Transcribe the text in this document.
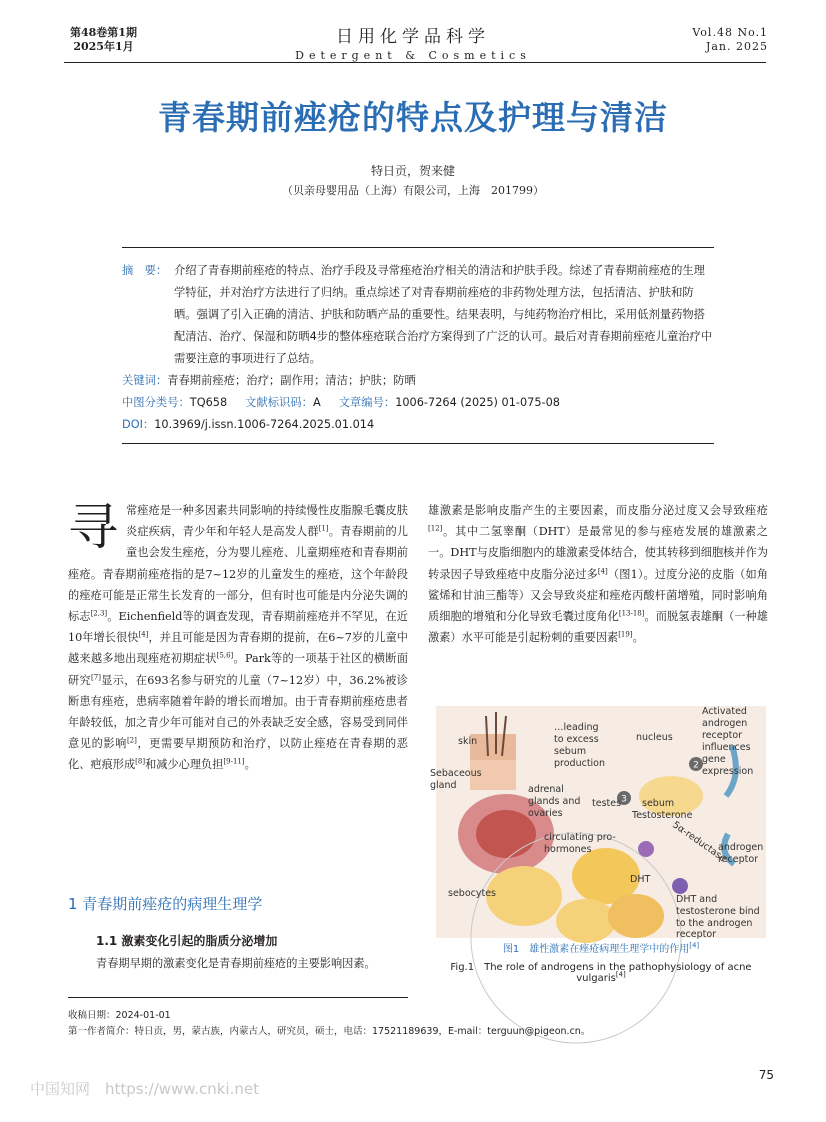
第48卷第1期
2025年1月	日用化学品科学
Detergent & Cosmetics
Vol.48 No.1
Jan. 2025
青春期前痤疮的特点及护理与清洁
特日贡，贺来健
（贝亲母婴用品（上海）有限公司，上海　201799）
摘　要： 介绍了青春期前痤疮的特点、治疗手段及寻常痤疮治疗相关的清洁和护肤手段。综述了青春期前痤疮的生理学特征，并对治疗方法进行了归纳。重点综述了对青春期前痤疮的非药物处理方法，包括清洁、护肤和防晒。强调了引入正确的清洁、护肤和防晒产品的重要性。结果表明，与纯药物治疗相比，采用低剂量药物搭配清洁、治疗、保湿和防晒4步的整体痤疮联合治疗方案得到了广泛的认可。最后对青春期前痤疮儿童治疗中需要注意的事项进行了总结。
关键词：青春期前痤疮；治疗；副作用；清洁；护肤；防晒
中图分类号：TQ658 文献标识码：A 文章编号：1006-7264 (2025) 01-075-08
DOI：10.3969/j.issn.1006-7264.2025.01.014
寻常痤疮是一种多因素共同影响的持续慢性皮脂腺毛囊皮肤炎症疾病，青少年和年轻人是高发人群[1]。青春期前的儿童也会发生痤疮，分为婴儿痤疮、儿童期痤疮和青春期前痤疮。青春期前痤疮指的是7~12岁的儿童发生的痤疮，这个年龄段的痤疮可能是正常生长发育的一部分，但有时也可能是内分泌失调的标志[2,3]。Eichenfield等的调查发现，青春期前痤疮并不罕见，在近10年增长很快[4]，并且可能是因为青春期的提前，在6~7岁的儿童中越来越多地出现痤疮初期症状[5,6]。Park等的一项基于社区的横断面研究[7]显示，在693名参与研究的儿童（7~12岁）中，36.2%被诊断患有痤疮，患病率随着年龄的增长而增加。由于青春期前痤疮患者年龄较低，加之青少年可能对自己的外表缺乏安全感，容易受到同伴意见的影响[2]，更需要早期预防和治疗，以防止痤疮在青春期的恶化、疤痕形成[8]和减少心理负担[9-11]。
1 青春期前痤疮的病理生理学
1.1 激素变化引起的脂质分泌增加
青春期早期的激素变化是青春期前痤疮的主要影响因素。
雄激素是影响皮脂产生的主要因素，而皮脂分泌过度又会导致痤疮[12]。其中二氢睾酮（DHT）是最常见的参与痤疮发展的雄激素之一。DHT与皮脂细胞内的雄激素受体结合，使其转移到细胞核并作为转录因子导致痤疮中皮脂分泌过多[4]（图1）。过度分泌的皮脂（如角鲨烯和甘油三酯等）又会导致炎症和痤疮丙酸杆菌增殖，同时影响角质细胞的增殖和分化导致毛囊过度角化[13-18]。而脱氢表雄酮（一种雄激素）水平可能是引起粉刺的重要因素[19]。
2
3
skin
…leading
to excess
sebum
production
nucleus
Activated
androgen
receptor
influences
gene
expression
Sebaceous
gland	adrenal
glands and
ovaries
testes sebum
Testosterone
circulating pro-
hormones	5α-reductase
androgen
receptor
DHT
sebocytes
DHT and
testosterone bind
to the androgen
receptor
图1　雄性激素在痤疮病理生理学中的作用[4]
Fig.1　The role of androgens in the pathophysiology of acne vulgaris[4]
收稿日期：2024-01-01
第一作者简介：特日贡，男，蒙古族，内蒙古人，研究员，硕士，电话：17521189639，E-mail：terguun@pigeon.cn。
75
中国知网　https://www.cnki.net
